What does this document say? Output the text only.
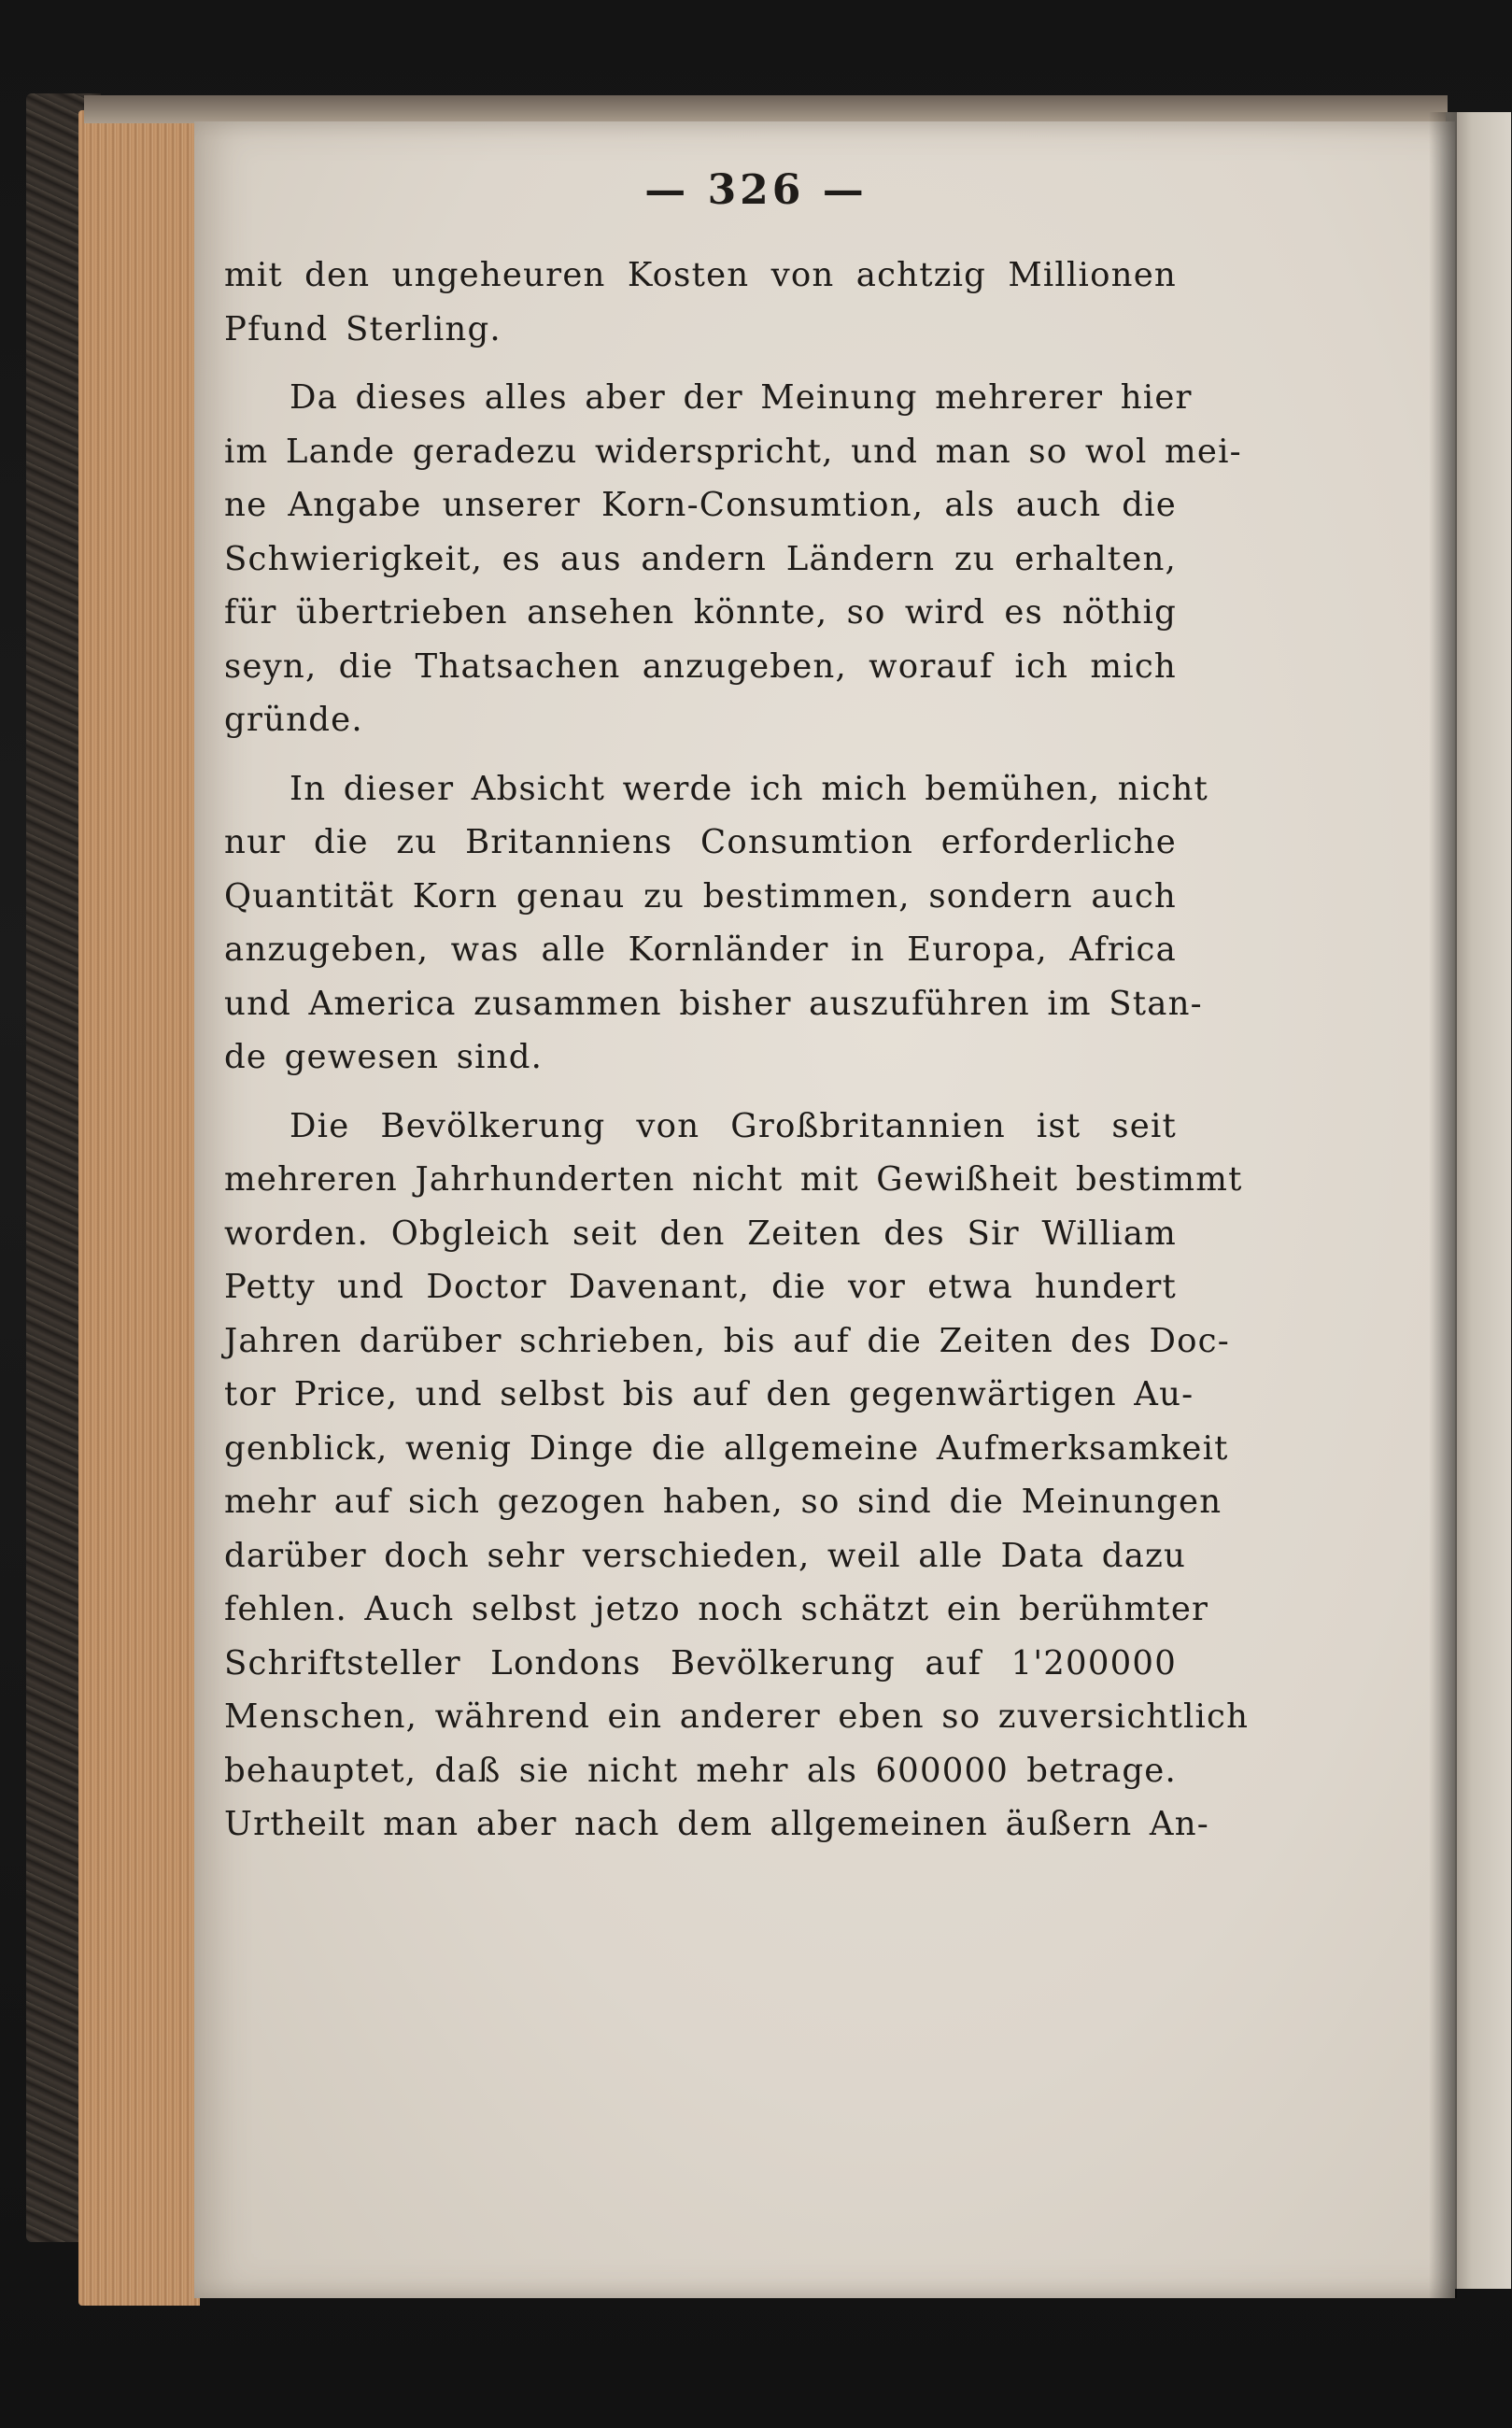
— 326 —
mit den ungeheuren Kosten von achtzig Millionen
Pfund Sterling.
Da dieses alles aber der Meinung mehrerer hier
im Lande geradezu widerspricht, und man so wol mei-
ne Angabe unserer Korn-Consumtion, als auch die
Schwierigkeit, es aus andern Ländern zu erhalten,
für übertrieben ansehen könnte, so wird es nöthig
seyn, die Thatsachen anzugeben, worauf ich mich
gründe.
In dieser Absicht werde ich mich bemühen, nicht
nur die zu Britanniens Consumtion erforderliche
Quantität Korn genau zu bestimmen, sondern auch
anzugeben, was alle Kornländer in Europa, Africa
und America zusammen bisher auszuführen im Stan-
de gewesen sind.
Die Bevölkerung von Großbritannien ist seit
mehreren Jahrhunderten nicht mit Gewißheit bestimmt
worden. Obgleich seit den Zeiten des Sir William
Petty und Doctor Davenant, die vor etwa hundert
Jahren darüber schrieben, bis auf die Zeiten des Doc-
tor Price, und selbst bis auf den gegenwärtigen Au-
genblick, wenig Dinge die allgemeine Aufmerksamkeit
mehr auf sich gezogen haben, so sind die Meinungen
darüber doch sehr verschieden, weil alle Data dazu
fehlen. Auch selbst jetzo noch schätzt ein berühmter
Schriftsteller Londons Bevölkerung auf 1'200000
Menschen, während ein anderer eben so zuversichtlich
behauptet, daß sie nicht mehr als 600000 betrage.
Urtheilt man aber nach dem allgemeinen äußern An-
